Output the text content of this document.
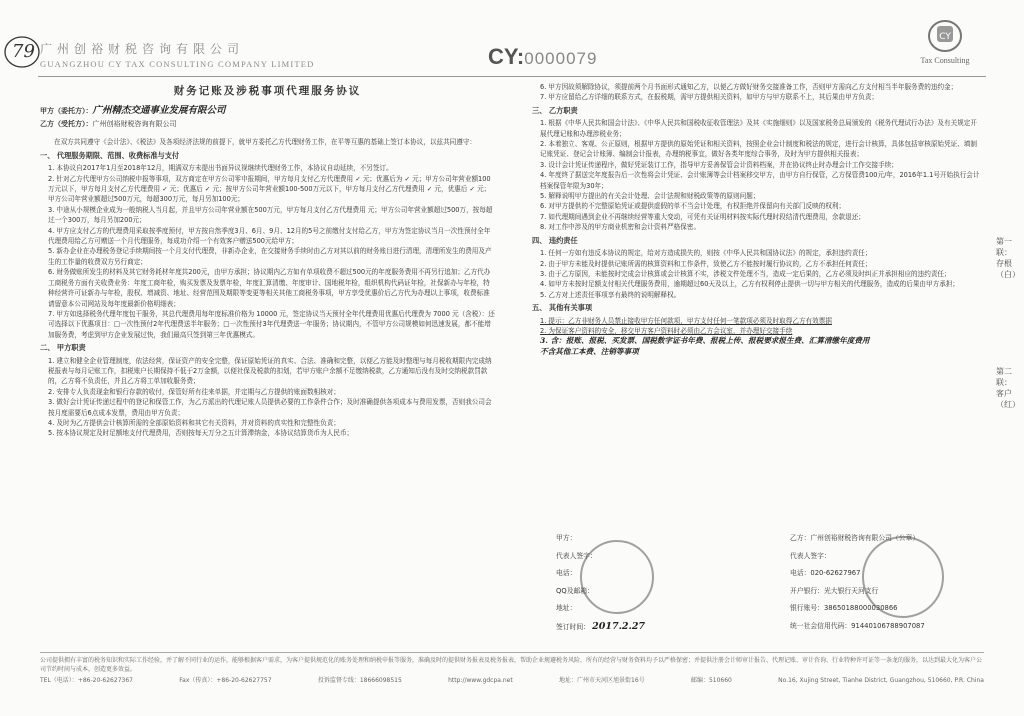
79 广州创裕财税咨询有限公司
GUANGZHOU CY TAX CONSULTING COMPANY LIMITED	CY:0000079
CY
Tax Consulting
财务记账及涉税事项代理服务协议
甲方（委托方）：广州精杰交通事业发展有限公司
乙方（受托方）：广州创裕财税咨询有限公司

在双方共同遵守《会计法》、《税法》及各项经济法规的前提下，就甲方委托乙方代理财务工作，在平等互惠的基础上签订本协议，以兹共同遵守：

一、 代理服务期限、范围、收费标准与支付

1. 本协议自2017年1月至2018年12月，期满双方未提出书面异议视继续代理财务工作，本协议自动延续，不另签订。

2. 针对乙方代理甲方公司纳税申报等事项，双方商定在甲方公司零申报期间，甲方每月支付乙方代理费用 ✓ 元；优惠后为 ✓ 元；甲方公司年营业额100万元以下，甲方每月支付乙方代理费用 ✓ 元；优惠后 ✓ 元；按甲方公司年营业额100-500万元以下，甲方每月支付乙方代理费用 ✓ 元，优惠后 ✓ 元；甲方公司年营业额超过500万元，每超300万元，每月另加100元；

3. 中途从小规模企业成为一般纳税人当月起，并且甲方公司年营业额在500万元，甲方每月支付乙方代理费用 元；甲方公司年营业额超过500万，按每超过一个300万，每月另加200元；

4. 甲方应支付乙方的代理费用采取按季度预付，甲方按自然季度3月、6月、9月、12月的5号之前缴付支付给乙方，甲方为签定协议当月一次性预付全年代理费用给乙方可赠送一个月代理服务，每成功介绍一个有效客户赠送500元给甲方；

5. 新办企业在办理税务登记手续期间按一个月支付代理费，非新办企业，在交接财务手续时由乙方对其以前的财务账目进行清理，清理所发生的费用及产生的工作量的收费双方另行商定；

6. 财务做账所发生的材料及其它财务耗材年度共200元，由甲方承担；协议期内乙方如有单项收费不超过500元的年度服务费用不再另行追加；乙方代办工商税务方面有关收费业务：年度工商年检，购买发票及发票年检，年度汇算清缴、年度审计、国地税年检，组织机构代码证年检，社保新办与年检，特种经营许可证新办与年检，股权、增减资、地址、经营范围及期限等变更等相关其他工商税务事项，甲方享受优惠价后乙方代为办理以上事项，收费标准请留意本公司网站及每年度最新价格明细表；

7. 甲方如选择税务代理年度包干服务，其总代理费用每年度标准价格为 10000 元，签定协议当天预付全年代理费用优惠后代理费为 7000 元（含税）：还可选择以下优惠项目：□一次性预付2年代理费送半年服务；□一次性预付3年代理费送一年服务；协议期内，不管甲方公司规模如何迅速发展，都不能增加服务费，考虑到甲方企业发展过快，我们最高只签到第三年优惠模式。

二、 甲方职责

1. 建立和健全企业管理制度，依法经营，保证资产的安全完整，保证原始凭证的真实、合法、准确和完整，以便乙方能及时整理与每月税收期限内完成纳税报表与每月记账工作，扣税账户长期保持不低于2万金额，以便社保及税款的扣划，若甲方账户余额不足缴纳税款，乙方通知后没有及时交纳税款罚款的，乙方将不负责任，并且乙方将工单加收服务费；

2. 安排专人负责现金和银行存款的收付，保管好所有往来单据，并定期与乙方提供的账面数相核对；

3. 做好会计凭证传递过程中的登记和保管工作，为乙方派出的代理记账人员提供必要的工作条件合作；及时准确提供各项成本与费用发票，否则我公司会按月度需要后6点成本发票，费用由甲方负责；

4. 及时为乙方提供会计核算所需的全部原始资料和其它有关资料，并对资料的真实性和完整性负责；

5. 按本协议规定及时足额地支付代理费用，否则按每天万分之五计算滞纳金，本协议结算货币为人民币；

6. 甲方因故须解除协议，须提前两个月书面形式通知乙方，以便乙方做好财务交接准备工作，否则甲方需向乙方支付相当半年服务费的违约金；

7. 甲方应留给乙方详细的联系方式，在报税期，需甲方提供相关资料，如甲方与甲方联系不上，其后果由甲方负责；

三、 乙方职责

1. 根据《中华人民共和国会计法》、《中华人民共和国税收征收管理法》及其《实施细则》以及国家税务总局颁发的《税务代理试行办法》及有关规定开展代理记账和办理涉税业务；

2. 本着独立、客观、公正原则，根据甲方提供的原始凭证和相关资料，按照企业会计制度和税法的规定，进行会计核算，具体包括审核原始凭证、填制记账凭证、登记会计账簿、编制会计报表，办理纳税事宜，做好各类年度综合事务，及时为甲方提供相关报表；

3. 设计会计凭证传递程序，做好凭证装订工作，指导甲方妥善保管会计资料档案，并在协议终止时办理会计工作交接手续；

4. 年度终了据送完年度报告后一次性将会计凭证、会计账簿等会计档案移交甲方，由甲方自行保管，乙方保管费100元/年，2016年1.1号开始执行会计档案保管年限为30年；

5. 解释说明甲方提出的有关会计处理、会计法规和财税政策等的原则问题；

6. 对甲方提供的不完整原始凭证或提供虚假的单不当会计处理，有权拒绝并保留向有关部门反映的权利；

7. 如代理期间遇到企业不再继续经营等重大变动，可凭有关证明材料按实际代理时段结清代理费用，余款退还；

8. 对工作中涉及的甲方商业机密和会计资料严格保密。

四、 违约责任

1. 任何一方如有违反本协议的规定，给对方造成损失的，则按《中华人民共和国协议法》的规定，承担违约责任；

2. 由于甲方未能及时提供记账所需的核算资料和工作条件，致使乙方不能按时履行协议的，乙方不承担任何责任；

3. 由于乙方原因，未能按时完成会计核算或会计核算不实，涉税文件处理不当，造成一定后果的，乙方必须及时纠正并承担相应的违约责任；

4. 如甲方未按时足额支付相关代理服务费用，逾期超过60天及以上，乙方有权利停止提供一切与甲方相关的代理服务，造成的后果由甲方承担；

5. 乙方对上述责任事项享有最终的说明解释权。

五、 其他有关事项

1. 提示：乙方非财务人员禁止接收甲方任何款项，甲方支付任何一笔款项必须及时取得乙方有效票据

2. 为保证客户资料的安全，移交甲方客户资料时必须由乙方会议室，并办理好交接手续

3. 含：报账、报税、买发票、国税数字证书年费、报税上传、报税要求报生费、汇算清缴年度费用

不含其他工本费、注销等事项

第一联：存根（白）
第二联：客户（红）
甲方：
代表人签字：
电话：
QQ及邮箱：
地址：
签订时间： 2017.2.27
乙方：广州创裕财税咨询有限公司（公章）
代表人签字：
电话：020-62627967
开户银行：光大银行天河支行
银行账号：38650188000030866
统一社会信用代码：91440106788907087
公司提供拥有丰富的税务知识和实际工作经验，并了解不同行业的运作，能够根据客户需求，为客户提供规范化的账务处理和纳税申报等服务，准确及时的提供财务报表及税务报表，帮助企业规避税务风险，所有的经营与财务资料均予以严格保密；并提供注册会计师审计报告、代理记账、审计咨询、行业特种许可证等一条龙的服务，以达到最大化为客户公司节约时间与成本，创造更多效益。
TEL（电话）：+86-20-62627367	Fax（传真）：+86-20-62627757	投诉监督专线：18666098515	http://www.gdcpa.net	地址：广州市天河区旭景街16号	邮编：510660	No.16, Xujing Street, Tianhe District, Guangzhou, 510660, P.R. China
